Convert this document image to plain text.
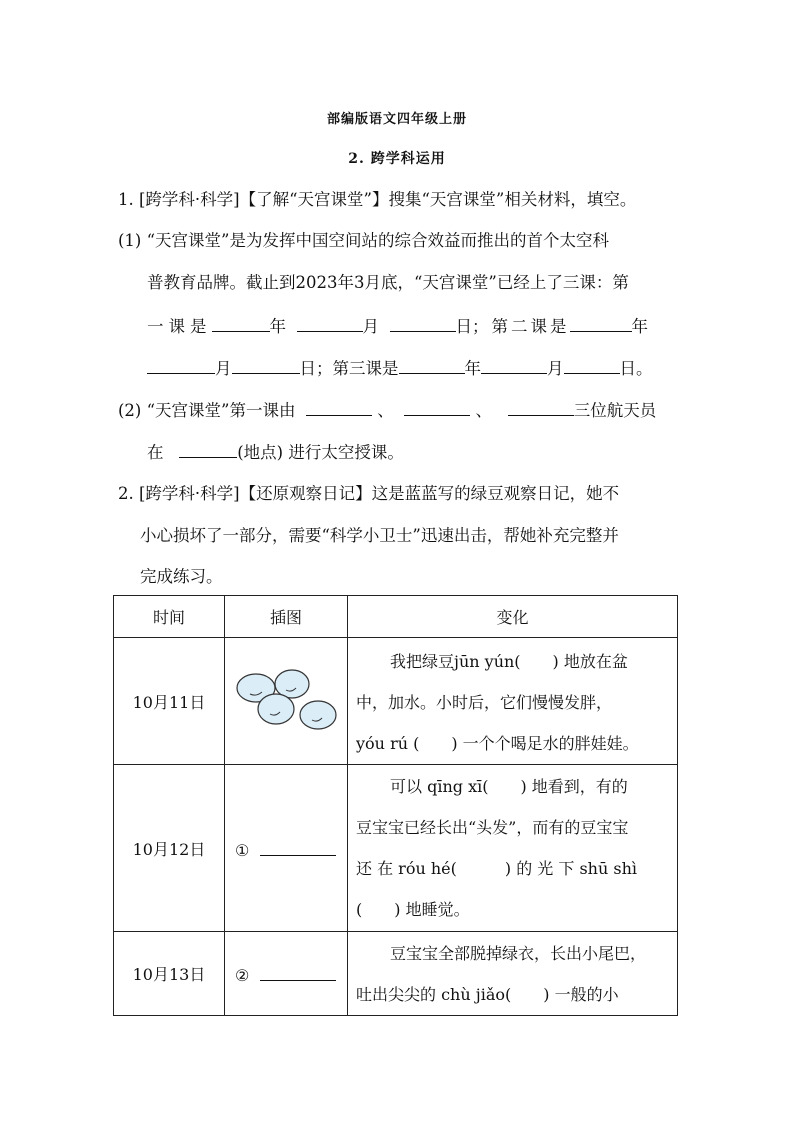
部编版语文四年级上册
2. 跨学科运用
1. [跨学科·科学]【了解“天宫课堂”】搜集“天宫课堂”相关材料，填空。
(1) “天宫课堂”是为发挥中国空间站的综合效益而推出的首个太空科
普教育品牌。截止到2023年3月底，“天宫课堂”已经上了三课：第
一课是	年	月	日；第二课是	年
月	日；第三课是	年	月	日。
(2) “天宫课堂”第一课由	、	、	三位航天员
在	(地点) 进行太空授课。
2. [跨学科·科学]【还原观察日记】这是蓝蓝写的绿豆观察日记，她不
小心损坏了一部分，需要“科学小卫士”迅速出击，帮她补充完整并
完成练习。
时间	插图	变化
10月11日		我把绿豆jūn yún(　　) 地放在盆
中，加水。小时后，它们慢慢发胖，
yóu rú (　　) 一个个喝足水的胖娃娃。

10月12日	①	可以 qīng xī(　　) 地看到，有的
豆宝宝已经长出“头发”，而有的豆宝宝
还 在 róu hé(　　　) 的 光 下 shū shì
(　　) 地睡觉。

10月13日	②	豆宝宝全部脱掉绿衣，长出小尾巴，
吐出尖尖的 chù jiǎo(　　) 一般的小
